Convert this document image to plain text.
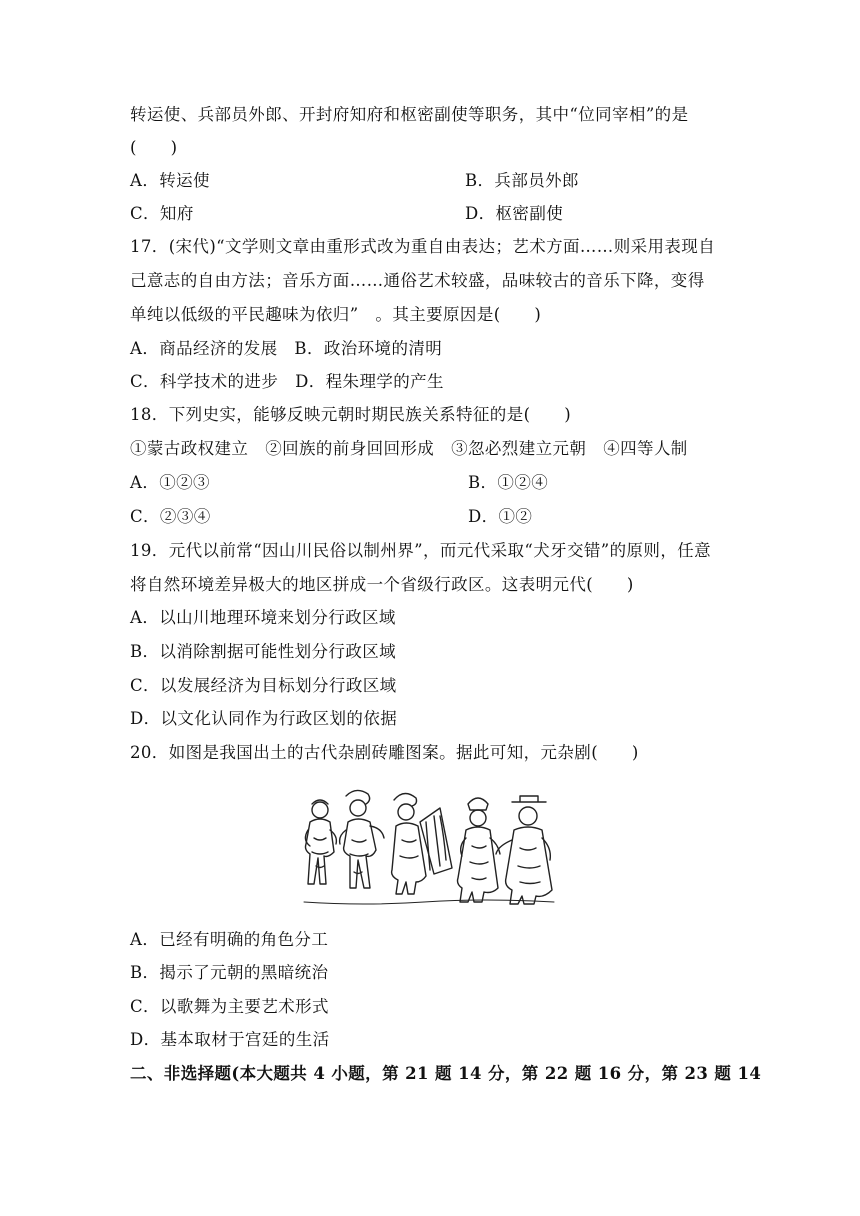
转运使、兵部员外郎、开封府知府和枢密副使等职务，其中“位同宰相”的是
(　　)
A．转运使	B．兵部员外郎
C．知府	D．枢密副使
17．(宋代)“文学则文章由重形式改为重自由表达；艺术方面……则采用表现自
己意志的自由方法；音乐方面……通俗艺术较盛，品味较古的音乐下降，变得
单纯以低级的平民趣味为依归”　。其主要原因是(　　)
A．商品经济的发展　B．政治环境的清明
C．科学技术的进步　D．程朱理学的产生
18．下列史实，能够反映元朝时期民族关系特征的是(　　)
①蒙古政权建立　②回族的前身回回形成　③忽必烈建立元朝　④四等人制
A．①②③	B．①②④
C．②③④	D．①②
19．元代以前常“因山川民俗以制州界”，而元代采取“犬牙交错”的原则，任意
将自然环境差异极大的地区拼成一个省级行政区。这表明元代(　　)
A．以山川地理环境来划分行政区域
B．以消除割据可能性划分行政区域
C．以发展经济为目标划分行政区域
D．以文化认同作为行政区划的依据
20．如图是我国出土的古代杂剧砖雕图案。据此可知，元杂剧(　　)
A．已经有明确的角色分工
B．揭示了元朝的黑暗统治
C．以歌舞为主要艺术形式
D．基本取材于宫廷的生活
二、非选择题(本大题共 4 小题，第 21 题 14 分，第 22 题 16 分，第 23 题 14
